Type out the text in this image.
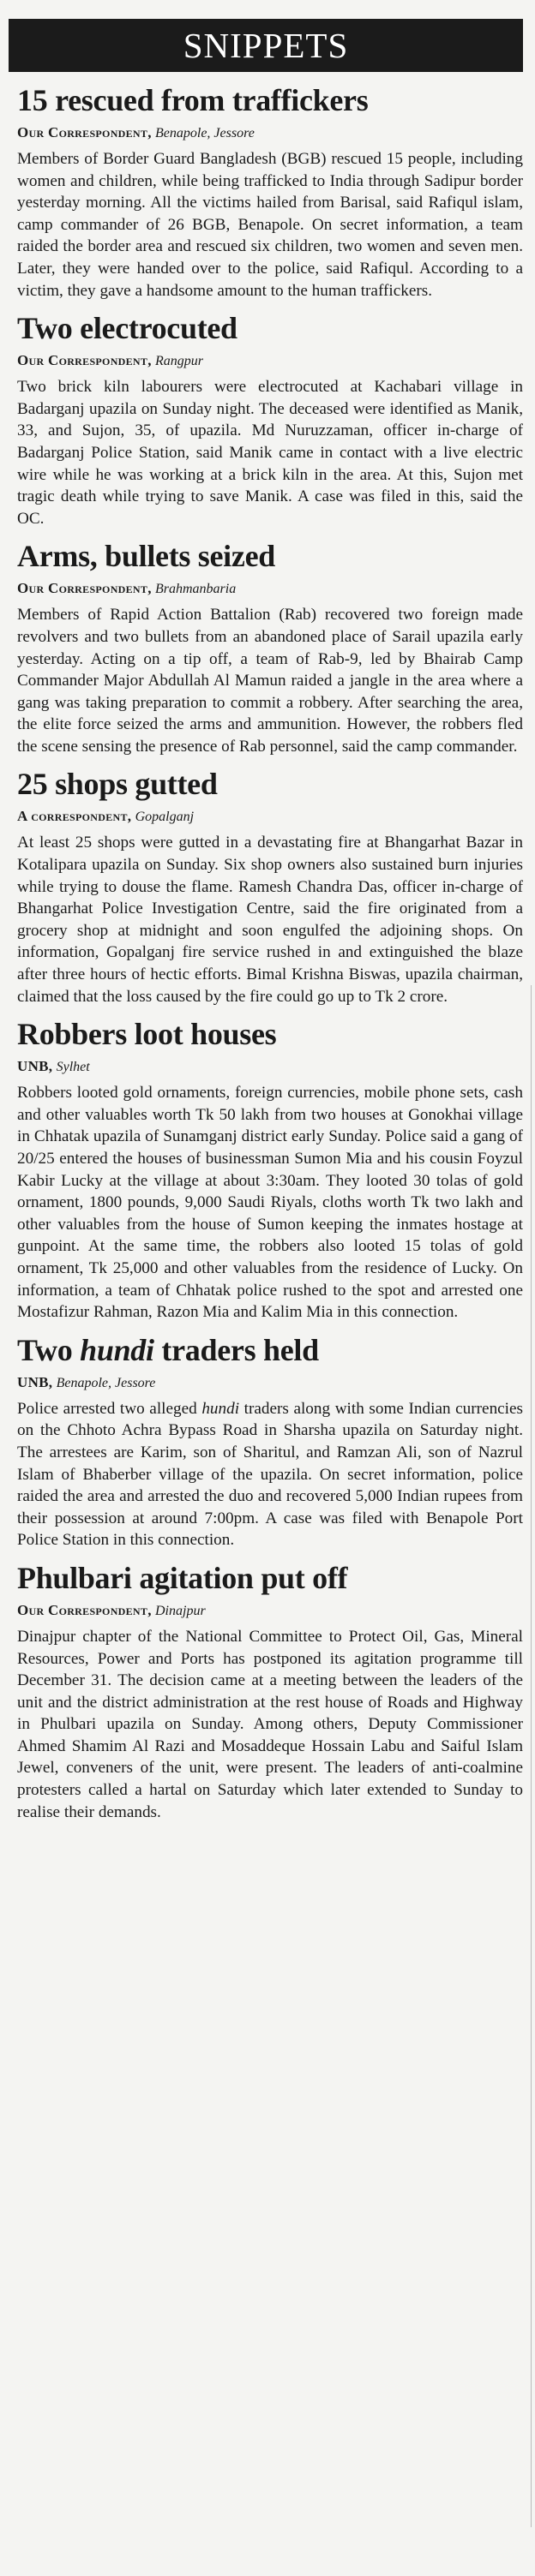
SNIPPETS
15 rescued from traffickers

Our Correspondent, Benapole, Jessore

Members of Border Guard Bangladesh (BGB) rescued 15 people, including women and children, while being trafficked to India through Sadipur border yesterday morning. All the victims hailed from Barisal, said Rafiqul islam, camp commander of 26 BGB, Benapole. On secret information, a team raided the border area and rescued six children, two women and seven men. Later, they were handed over to the police, said Rafiqul. According to a victim, they gave a handsome amount to the human traffickers.

Two electrocuted

Our Correspondent, Rangpur

Two brick kiln labourers were electrocuted at Kachabari village in Badarganj upazila on Sunday night. The deceased were identified as Manik, 33, and Sujon, 35, of upazila. Md Nuruzzaman, officer in-charge of Badarganj Police Station, said Manik came in contact with a live electric wire while he was working at a brick kiln in the area. At this, Sujon met tragic death while trying to save Manik. A case was filed in this, said the OC.

Arms, bullets seized

Our Correspondent, Brahmanbaria

Members of Rapid Action Battalion (Rab) recovered two foreign made revolvers and two bullets from an abandoned place of Sarail upazila early yesterday. Acting on a tip off, a team of Rab-9, led by Bhairab Camp Commander Major Abdullah Al Mamun raided a jangle in the area where a gang was taking preparation to commit a robbery. After searching the area, the elite force seized the arms and ammunition. However, the robbers fled the scene sensing the presence of Rab personnel, said the camp commander.

25 shops gutted

A correspondent, Gopalganj

At least 25 shops were gutted in a devastating fire at Bhangarhat Bazar in Kotalipara upazila on Sunday. Six shop owners also sustained burn injuries while trying to douse the flame. Ramesh Chandra Das, officer in-charge of Bhangarhat Police Investigation Centre, said the fire originated from a grocery shop at midnight and soon engulfed the adjoining shops. On information, Gopalganj fire service rushed in and extinguished the blaze after three hours of hectic efforts. Bimal Krishna Biswas, upazila chairman, claimed that the loss caused by the fire could go up to Tk 2 crore.

Robbers loot houses

UNB, Sylhet

Robbers looted gold ornaments, foreign currencies, mobile phone sets, cash and other valuables worth Tk 50 lakh from two houses at Gonokhai village in Chhatak upazila of Sunamganj district early Sunday. Police said a gang of 20/25 entered the houses of businessman Sumon Mia and his cousin Foyzul Kabir Lucky at the village at about 3:30am. They looted 30 tolas of gold ornament, 1800 pounds, 9,000 Saudi Riyals, cloths worth Tk two lakh and other valuables from the house of Sumon keeping the inmates hostage at gunpoint. At the same time, the robbers also looted 15 tolas of gold ornament, Tk 25,000 and other valuables from the residence of Lucky. On information, a team of Chhatak police rushed to the spot and arrested one Mostafizur Rahman, Razon Mia and Kalim Mia in this connection.

Two hundi traders held

UNB, Benapole, Jessore

Police arrested two alleged hundi traders along with some Indian currencies on the Chhoto Achra Bypass Road in Sharsha upazila on Saturday night. The arrestees are Karim, son of Sharitul, and Ramzan Ali, son of Nazrul Islam of Bhaberber village of the upazila. On secret information, police raided the area and arrested the duo and recovered 5,000 Indian rupees from their possession at around 7:00pm. A case was filed with Benapole Port Police Station in this connection.

Phulbari agitation put off

Our Correspondent, Dinajpur

Dinajpur chapter of the National Committee to Protect Oil, Gas, Mineral Resources, Power and Ports has postponed its agitation programme till December 31. The decision came at a meeting between the leaders of the unit and the district administration at the rest house of Roads and Highway in Phulbari upazila on Sunday. Among others, Deputy Commissioner Ahmed Shamim Al Razi and Mosaddeque Hossain Labu and Saiful Islam Jewel, conveners of the unit, were present. The leaders of anti-coalmine protesters called a hartal on Saturday which later extended to Sunday to realise their demands.
